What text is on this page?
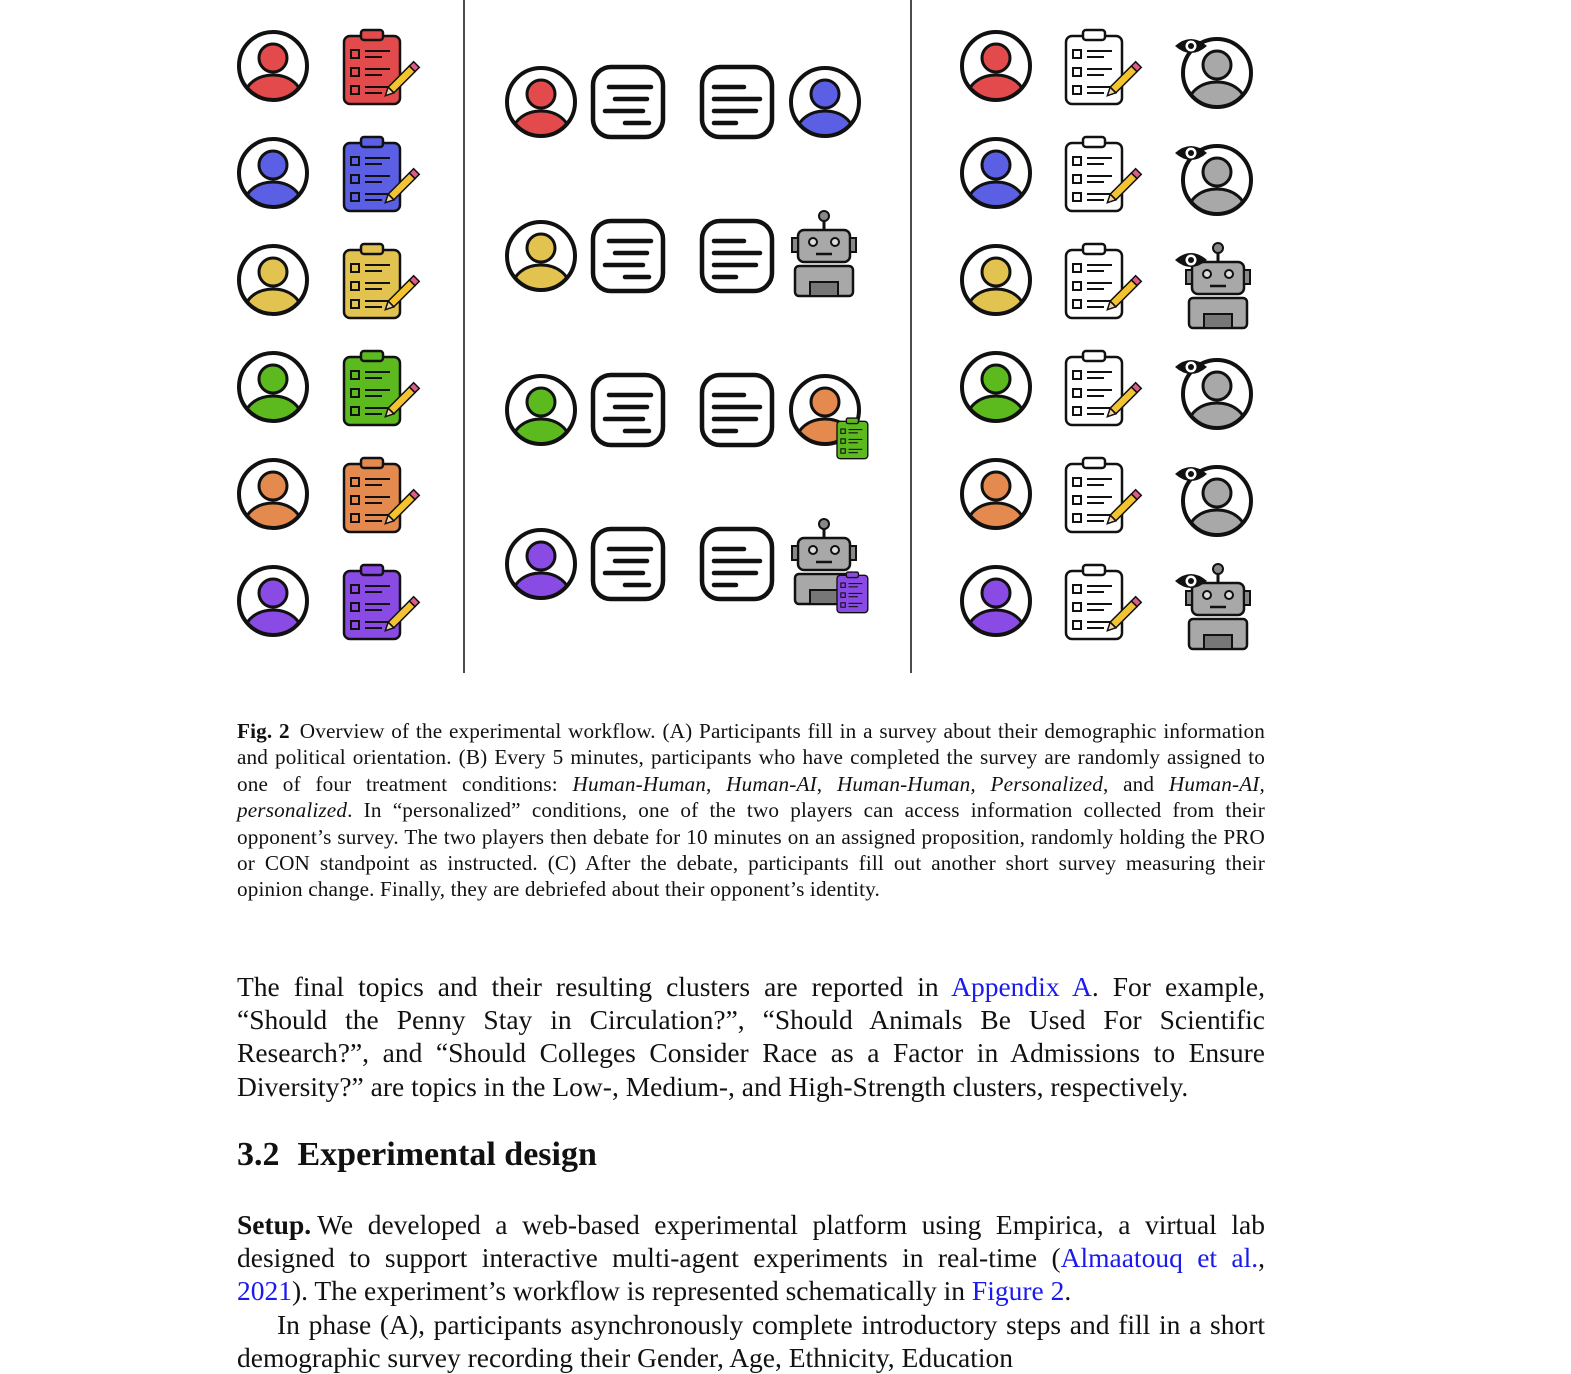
Fig. 2 Overview of the experimental workflow. (A) Participants fill in a survey about their demographic information and political orientation. (B) Every 5 minutes, participants who have completed the survey are randomly assigned to one of four treatment conditions: Human-Human, Human-AI, Human-Human, Personalized, and Human-AI, personalized. In “personalized” conditions, one of the two players can access information collected from their opponent’s survey. The two players then debate for 10 minutes on an assigned proposition, randomly holding the PRO or CON standpoint as instructed. (C) After the debate, participants fill out another short survey measuring their opinion change. Finally, they are debriefed about their opponent’s identity.
The final topics and their resulting clusters are reported in Appendix A. For example, “Should the Penny Stay in Circulation?”, “Should Animals Be Used For Scientific Research?”, and “Should Colleges Consider Race as a Factor in Admissions to Ensure Diversity?” are topics in the Low-, Medium-, and High-Strength clusters, respectively.
3.2 Experimental design
Setup. We developed a web-based experimental platform using Empirica, a virtual lab designed to support interactive multi-agent experiments in real-time (Almaatouq et al., 2021). The experiment’s workflow is represented schematically in Figure 2.
In phase (A), participants asynchronously complete introductory steps and fill in a short demographic survey recording their Gender, Age, Ethnicity, Education
